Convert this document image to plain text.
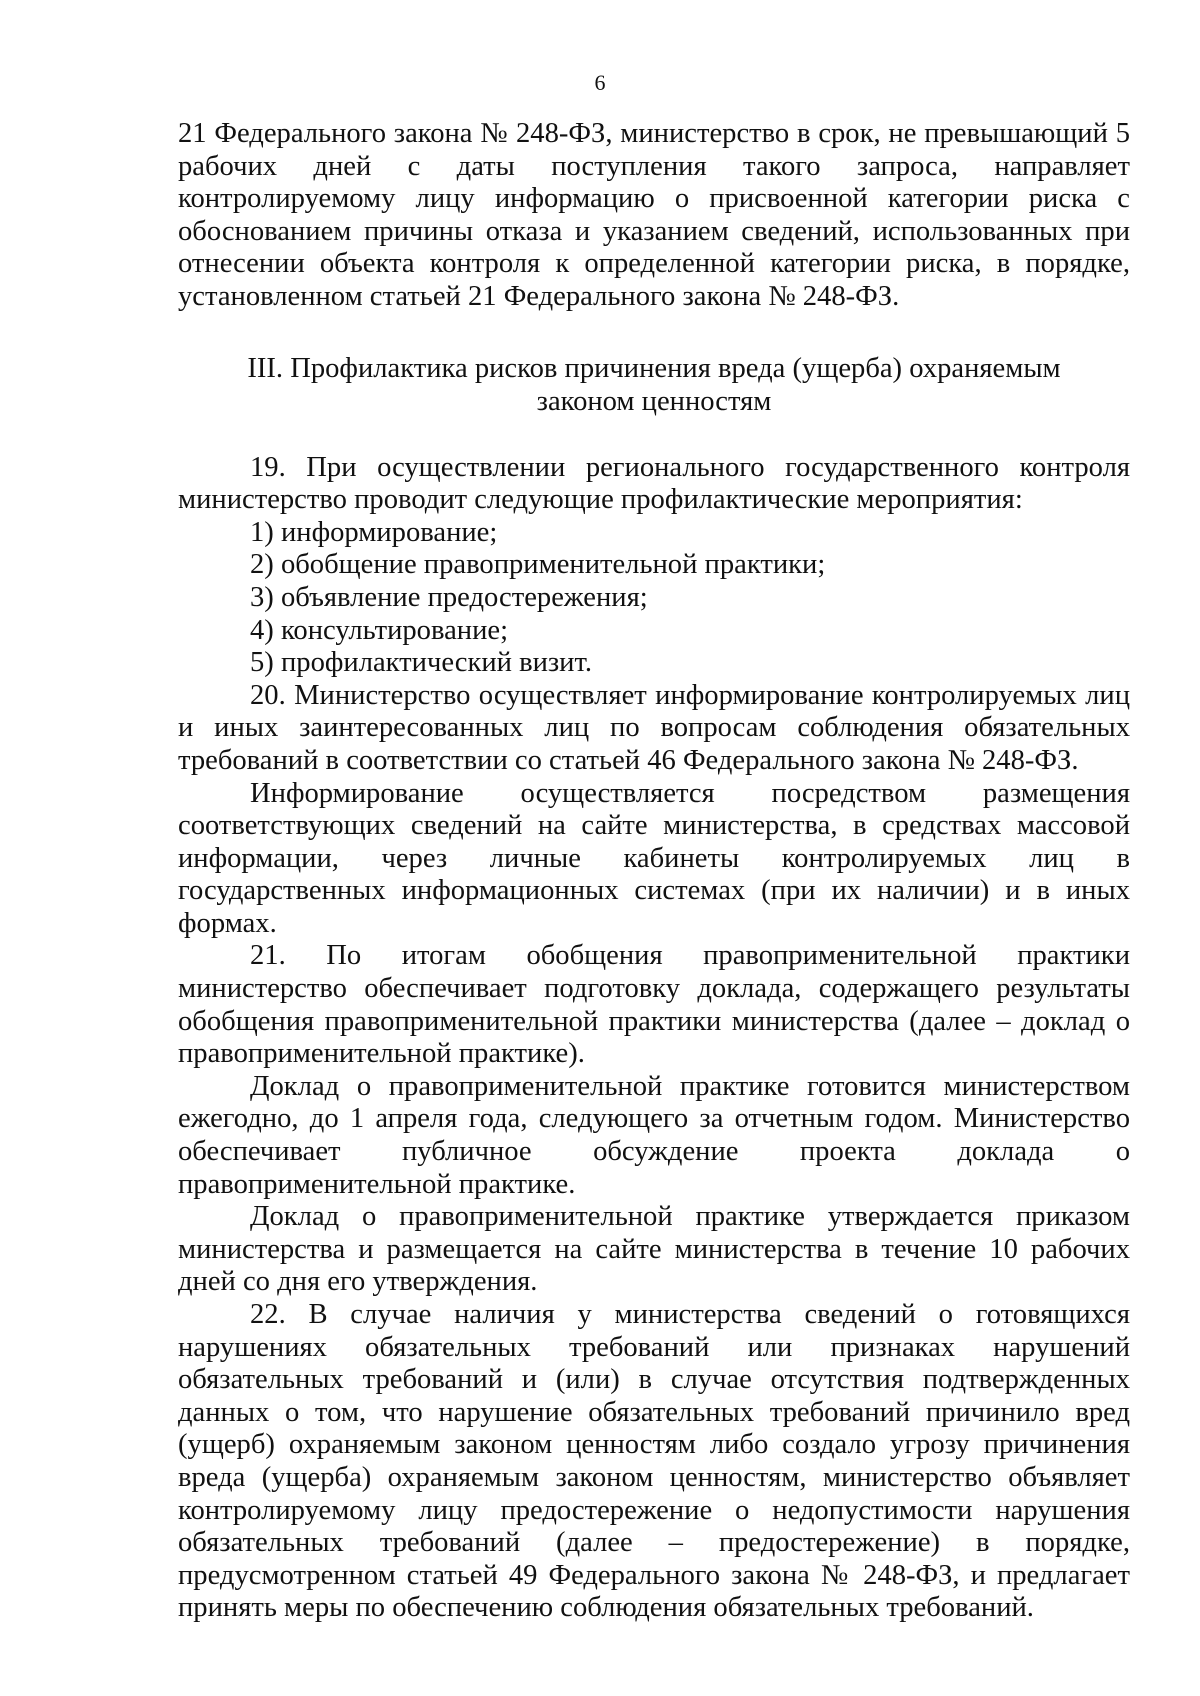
6

21 Федерального закона № 248-ФЗ, министерство в срок, не превышающий 5 рабочих дней с даты поступления такого запроса, направляет контролируемому лицу информацию о присвоенной категории риска с обоснованием причины отказа и указанием сведений, использованных при отнесении объекта контроля к определенной категории риска, в порядке, установленном статьей 21 Федерального закона № 248-ФЗ.

III. Профилактика рисков причинения вреда (ущерба) охраняемым
законом ценностям

19. При осуществлении регионального государственного контроля министерство проводит следующие профилактические мероприятия:

1) информирование;

2) обобщение правоприменительной практики;

3) объявление предостережения;

4) консультирование;

5) профилактический визит.

20. Министерство осуществляет информирование контролируемых лиц и иных заинтересованных лиц по вопросам соблюдения обязательных требований в соответствии со статьей 46 Федерального закона № 248-ФЗ.

Информирование осуществляется посредством размещения соответствующих сведений на сайте министерства, в средствах массовой информации, через личные кабинеты контролируемых лиц в государственных информационных системах (при их наличии) и в иных формах.

21. По итогам обобщения правоприменительной практики министерство обеспечивает подготовку доклада, содержащего результаты обобщения правоприменительной практики министерства (далее – доклад о правоприменительной практике).

Доклад о правоприменительной практике готовится министерством ежегодно, до 1 апреля года, следующего за отчетным годом. Министерство обеспечивает публичное обсуждение проекта доклада о правоприменительной практике.

Доклад о правоприменительной практике утверждается приказом министерства и размещается на сайте министерства в течение 10 рабочих дней со дня его утверждения.

22. В случае наличия у министерства сведений о готовящихся нарушениях обязательных требований или признаках нарушений обязательных требований и (или) в случае отсутствия подтвержденных данных о том, что нарушение обязательных требований причинило вред (ущерб) охраняемым законом ценностям либо создало угрозу причинения вреда (ущерба) охраняемым законом ценностям, министерство объявляет контролируемому лицу предостережение о недопустимости нарушения обязательных требований (далее – предостережение) в порядке, предусмотренном статьей 49 Федерального закона № 248-ФЗ, и предлагает принять меры по обеспечению соблюдения обязательных требований.
